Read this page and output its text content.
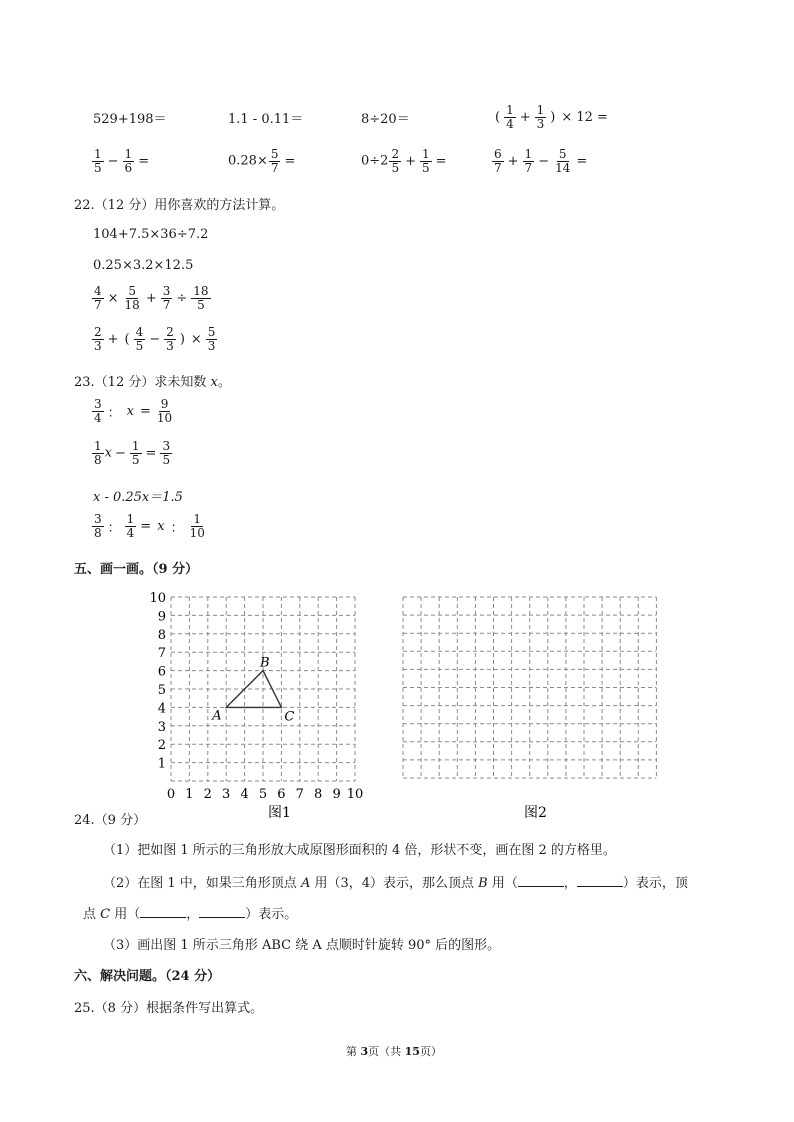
529+198＝	1.1 - 0.11＝	8÷20＝	( $\frac{1}{4} + \frac{1}{3}$ ) × 12 =
$\frac{1}{5} - \frac{1}{6}$ =	$0.28\times \frac{5}{7}$ =	$0\div 2 \frac{2}{5} + \frac{1}{5}$ =	$\frac{6}{7} + \frac{1}{7} - \frac{5}{14}$ =
22.（12 分）用你喜欢的方法计算。
104+7.5×36÷7.2
0.25×3.2×12.5
$\frac{4}{7} \times \frac{5}{18} + \frac{3}{7} \div \frac{18}{5}$
$\frac{2}{3}$ + ( $\frac{4}{5} - \frac{2}{3}$ ) × $\frac{5}{3}$
23.（12 分）求未知数 x。
$\frac{3}{4}$ ： $x = \frac{9}{10}$
$\frac{1}{8}$ $x - \frac{1}{5} = \frac{3}{5}$
x - 0.25x＝1.5
$\frac{3}{8}$ ： $\frac{1}{4} = x$ ： $\frac{1}{10}$
五、画一画。（9 分）
10
9
8
7
6
5
4
3
2
1
0 1 2 3 4 5 6 7 8 9 10
A
B
C
图1	图2
24.（9 分）
（1）把如图 1 所示的三角形放大成原图形面积的 4 倍，形状不变，画在图 2 的方格里。
（2）在图 1 中，如果三角形顶点 A 用（3，4）表示，那么顶点 B 用（	，	）表示，顶
点 C 用（	，	）表示。
（3）画出图 1 所示三角形 ABC 绕 A 点顺时针旋转 90° 后的图形。
六、解决问题。（24 分）
25.（8 分）根据条件写出算式。
第 3页（共 15页）
